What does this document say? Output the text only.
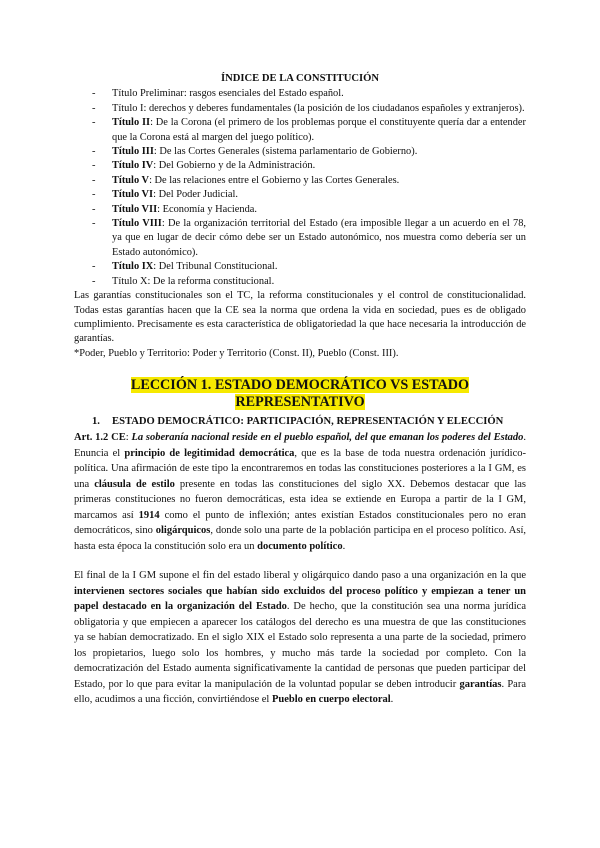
ÍNDICE DE LA CONSTITUCIÓN
- Título Preliminar: rasgos esenciales del Estado español.
- Título I: derechos y deberes fundamentales (la posición de los ciudadanos españoles y extranjeros).
- Título II: De la Corona (el primero de los problemas porque el constituyente quería dar a entender que la Corona está al margen del juego político).
- Título III: De las Cortes Generales (sistema parlamentario de Gobierno).
- Título IV: Del Gobierno y de la Administración.
- Título V: De las relaciones entre el Gobierno y las Cortes Generales.
- Título VI: Del Poder Judicial.
- Título VII: Economía y Hacienda.
- Título VIII: De la organización territorial del Estado (era imposible llegar a un acuerdo en el 78, ya que en lugar de decir cómo debe ser un Estado autonómico, nos muestra como debería ser un Estado autonómico).
- Título IX: Del Tribunal Constitucional.
- Título X: De la reforma constitucional.

Las garantías constitucionales son el TC, la reforma constitucionales y el control de constitucionalidad. Todas estas garantías hacen que la CE sea la norma que ordena la vida en sociedad, pues es de obligado cumplimiento. Precisamente es esta característica de obligatoriedad la que hace necesaria la introducción de garantías.

*Poder, Pueblo y Territorio: Poder y Territorio (Const. II), Pueblo (Const. III).

LECCIÓN 1. ESTADO DEMOCRÁTICO VS ESTADO REPRESENTATIVO
1. ESTADO DEMOCRÁTICO: PARTICIPACIÓN, REPRESENTACIÓN Y ELECCIÓN

Art. 1.2 CE: La soberanía nacional reside en el pueblo español, del que emanan los poderes del Estado. Enuncia el principio de legitimidad democrática, que es la base de toda nuestra ordenación jurídico-política. Una afirmación de este tipo la encontraremos en todas las constituciones posteriores a la I GM, es una cláusula de estilo presente en todas las constituciones del siglo XX. Debemos destacar que las primeras constituciones no fueron democráticas, esta idea se extiende en Europa a partir de la I GM, marcamos así 1914 como el punto de inflexión; antes existían Estados constitucionales pero no eran democráticos, sino oligárquicos, donde solo una parte de la población participa en el proceso político. Así, hasta esta época la constitución solo era un documento político.

El final de la I GM supone el fin del estado liberal y oligárquico dando paso a una organización en la que intervienen sectores sociales que habían sido excluidos del proceso político y empiezan a tener un papel destacado en la organización del Estado. De hecho, que la constitución sea una norma jurídica obligatoria y que empiecen a aparecer los catálogos del derecho es una muestra de que las constituciones ya se habían democratizado. En el siglo XIX el Estado solo representa a una parte de la sociedad, primero los propietarios, luego solo los hombres, y mucho más tarde la sociedad por completo. Con la democratización del Estado aumenta significativamente la cantidad de personas que pueden participar del Estado, por lo que para evitar la manipulación de la voluntad popular se deben introducir garantías. Para ello, acudimos a una ficción, convirtiéndose el Pueblo en cuerpo electoral.
